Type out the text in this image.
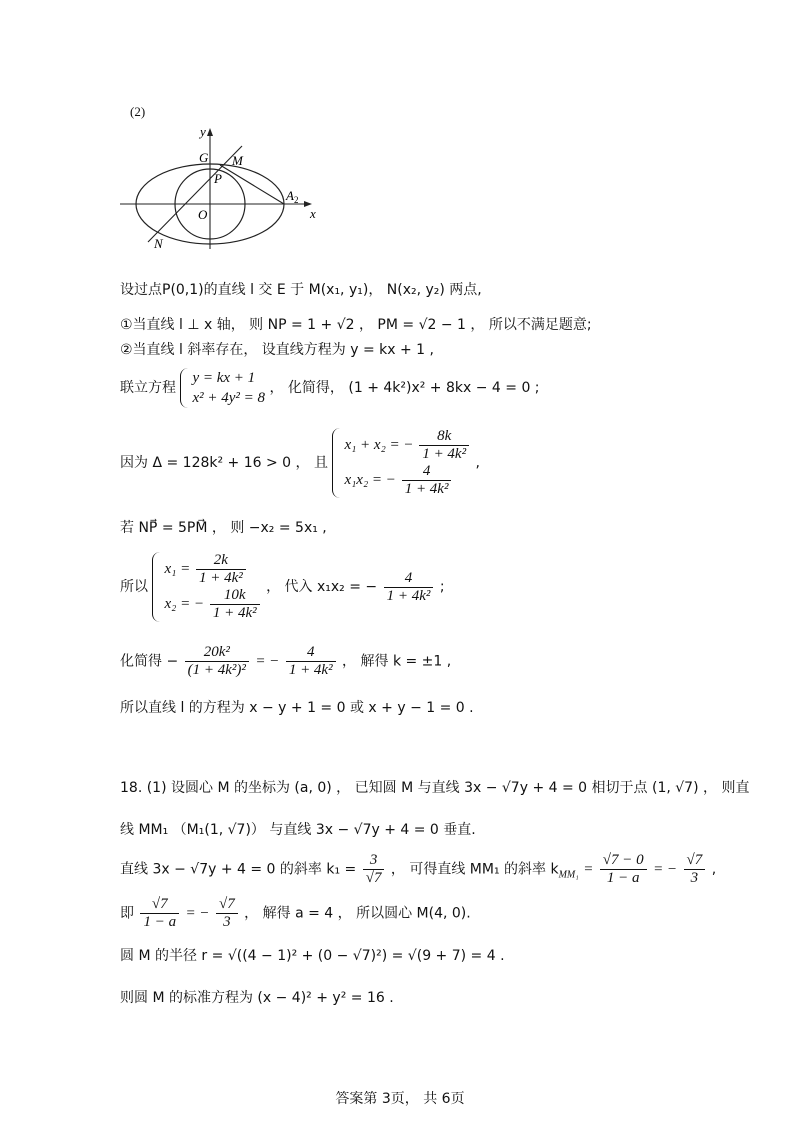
(2)
y
G M
P
O
$A_2$
x
N
设过点P(0,1)的直线 l 交 E 于 M(x₁, y₁)， N(x₂, y₂) 两点,
①当直线 l ⊥ x 轴， 则 NP = 1 + √2 ， PM = √2 − 1 ， 所以不满足题意;
②当直线 l 斜率存在， 设直线方程为 y = kx + 1 ,
联立方程
y = kx + 1
x² + 4y² = 8
， 化简得， (1 + 4k²)x² + 8kx − 4 = 0 ;
因为 Δ = 128k² + 16 > 0 ， 且
x₁ + x₂ = − $\frac{8k}{\text{1 + 4k²}}$
x₁x₂ = − $\frac{4}{\text{1 + 4k²}}$ ,
若 NP⃗ = 5PM⃗ ， 则 −x₂ = 5x₁ ,
所以
$x_1 = \frac{2k}{\text{1 + 4k²}}$
x₂ = − $\frac{10k}{\text{1 + 4k²}}$ ， 代入 x₁x₂ = − $\frac{4}{\text{1 + 4k²}}$ ;
化简得 − $\frac{\text{20k²}}{\text{(1 + 4k²)²}}$ = − $\frac{4}{\text{1 + 4k²}}$ ， 解得 k = ±1 ,
所以直线 l 的方程为 x − y + 1 = 0 或 x + y − 1 = 0 .
18. (1) 设圆心 M 的坐标为 (a, 0) ， 已知圆 M 与直线 3x − √7y + 4 = 0 相切于点 (1, √7) ， 则直
线 MM₁ （M₁(1, √7)） 与直线 3x − √7y + 4 = 0 垂直.
直线 3x − √7y + 4 = 0 的斜率 $k_1 = \frac{3}{√7}$ ， 可得直线 MM₁ 的斜率 $k_{MM_1} = \frac{√7 - 0}{1 - a}$ = − $\frac{√7}{3}$ ,
即 $\frac{√7}{1 - a}$ = − $\frac{√7}{3}$ ， 解得 a = 4 ， 所以圆心 M(4, 0).
圆 M 的半径 r = √((4 − 1)² + (0 − √7)²) = √(9 + 7) = 4 .
则圆 M 的标准方程为 (x − 4)² + y² = 16 .
答案第 3页， 共 6页
